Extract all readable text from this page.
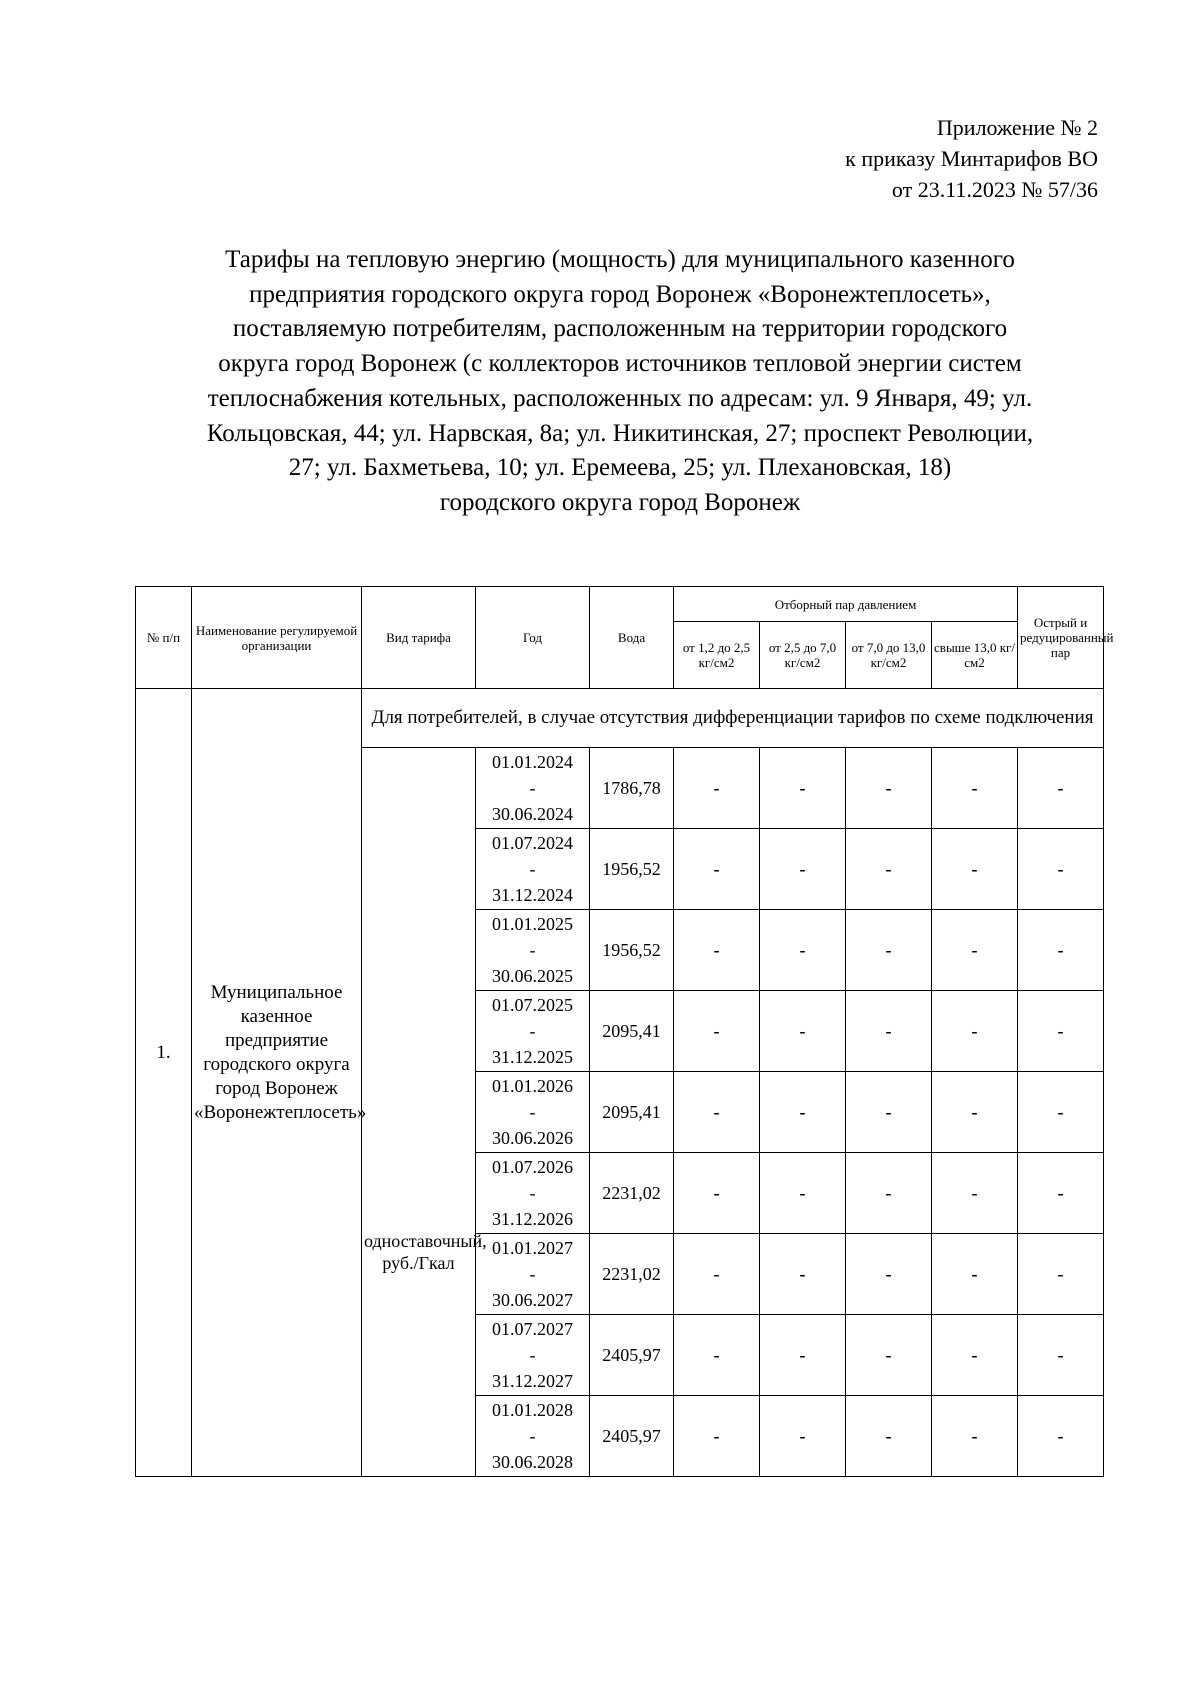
Приложение № 2
к приказу Минтарифов ВО
от 23.11.2023 № 57/36
Тарифы на тепловую энергию (мощность) для муниципального казенного
предприятия городского округа город Воронеж «Воронежтеплосеть»,
поставляемую потребителям, расположенным на территории городского
округа город Воронеж (с коллекторов источников тепловой энергии систем
теплоснабжения котельных, расположенных по адресам: ул. 9 Января, 49; ул.
Кольцовская, 44; ул. Нарвская, 8а; ул. Никитинская, 27; проспект Революции,
27; ул. Бахметьева, 10; ул. Еремеева, 25; ул. Плехановская, 18)
городского округа город Воронеж
№ п/п	Наименование регулируемой организации	Вид тарифа	Год	Вода	Отборный пар давлением				Острый и редуцированный пар
					от 1,2 до 2,5 кг/см2	от 2,5 до 7,0 кг/см2	от 7,0 до 13,0 кг/см2	свыше 13,0 кг/см2	
1.	Муниципальное казенное предприятие городского округа город Воронеж «Воронежтеплосеть»	Для потребителей, в случае отсутствия дифференциации тарифов по схеме подключения							
		одноставочный, руб./Гкал	01.01.2024
-
30.06.2024	1786,78	-	-	-	-	-

			01.07.2024
-
31.12.2024	1956,52	-	-	-	-	-

			01.01.2025
-
30.06.2025	1956,52	-	-	-	-	-

			01.07.2025
-
31.12.2025	2095,41	-	-	-	-	-

			01.01.2026
-
30.06.2026	2095,41	-	-	-	-	-

			01.07.2026
-
31.12.2026	2231,02	-	-	-	-	-

			01.01.2027
-
30.06.2027	2231,02	-	-	-	-	-

			01.07.2027
-
31.12.2027	2405,97	-	-	-	-	-

			01.01.2028
-
30.06.2028	2405,97	-	-	-	-	-
